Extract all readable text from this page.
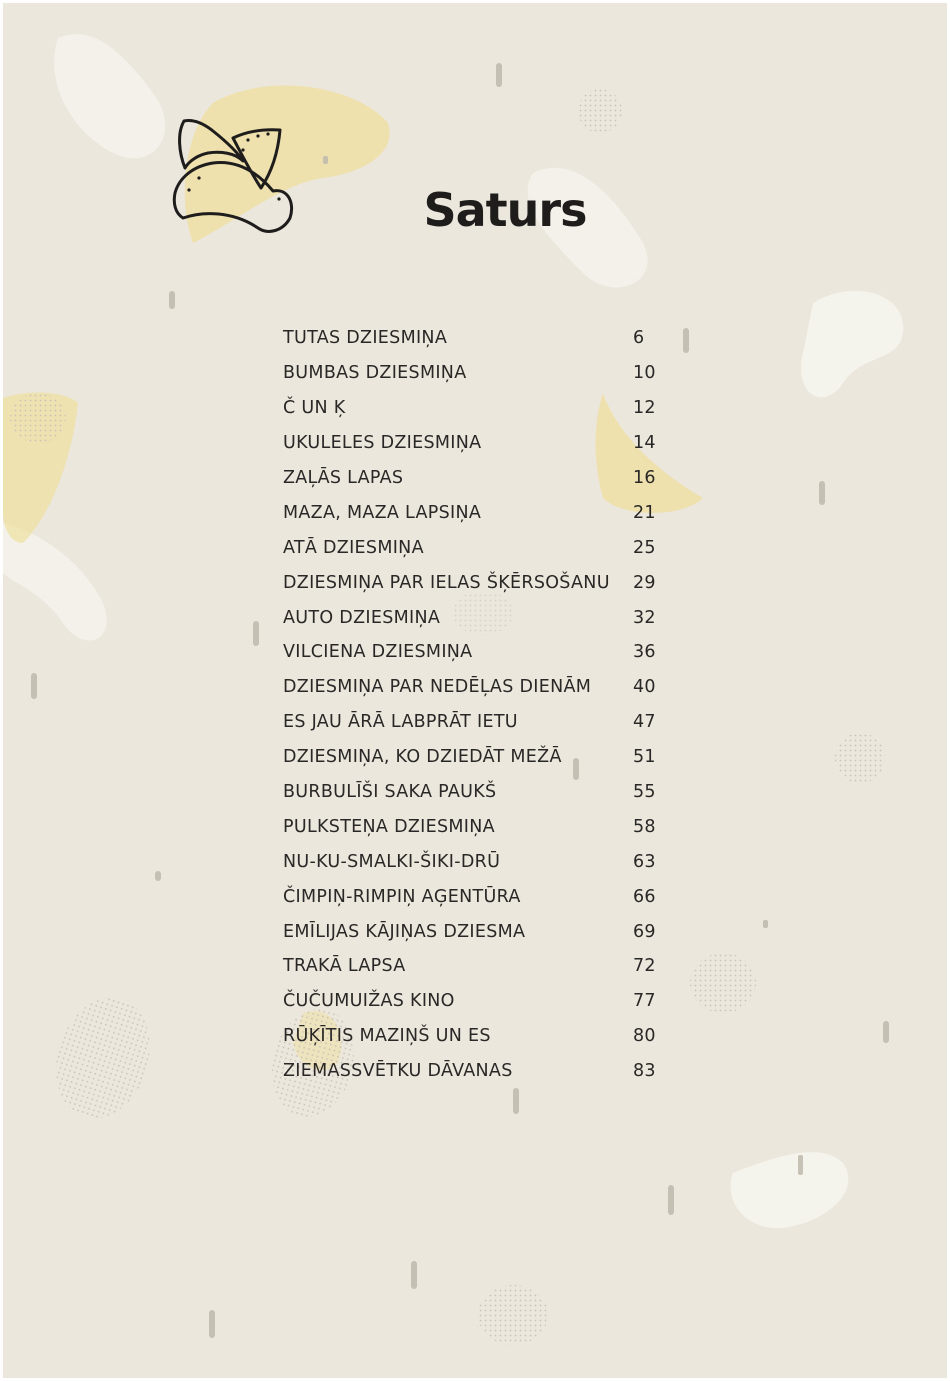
Saturs
TUTAS DZIESMIŅA	6
BUMBAS DZIESMIŅA	10
Č UN Ķ	12
UKULELES DZIESMIŅA	14
ZAĻĀS LAPAS	16
MAZA, MAZA LAPSIŅA	21
ATĀ DZIESMIŅA	25
DZIESMIŅA PAR IELAS ŠĶĒRSOŠANU	29
AUTO DZIESMIŅA	32
VILCIENA DZIESMIŅA	36
DZIESMIŅA PAR NEDĒĻAS DIENĀM	40
ES JAU ĀRĀ LABPRĀT IETU	47
DZIESMIŅA, KO DZIEDĀT MEŽĀ	51
BURBULĪŠI SAKA PAUKŠ	55
PULKSTEŅA DZIESMIŅA	58
NU-KU-SMALKI-ŠIKI-DRŪ	63
ČIMPIŅ-RIMPIŅ AĢENTŪRA	66
EMĪLIJAS KĀJIŅAS DZIESMA	69
TRAKĀ LAPSA	72
ČUČUMUIŽAS KINO	77
RŪĶĪTIS MAZIŅŠ UN ES	80
ZIEMASSVĒTKU DĀVANAS	83
